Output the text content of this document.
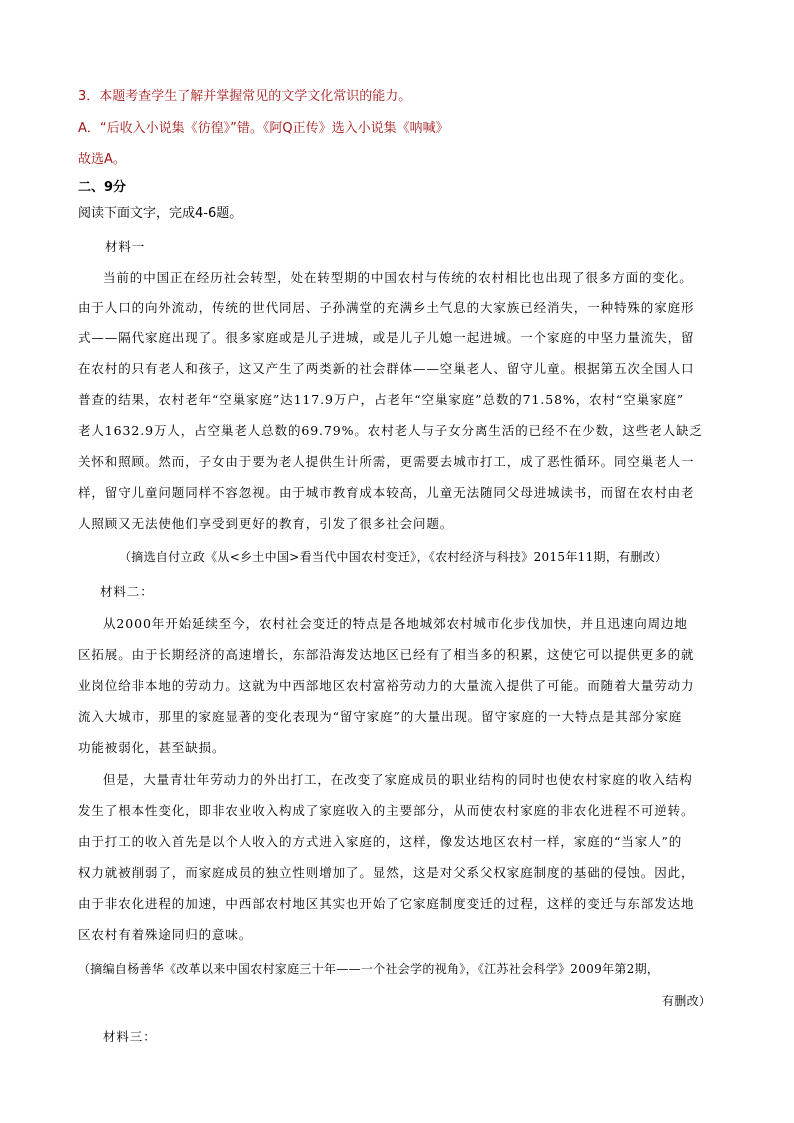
3．本题考查学生了解并掌握常见的文学文化常识的能力。
A．“后收入小说集《彷徨》”错。《阿Q正传》选入小说集《呐喊》
故选A。
二、9分
阅读下面文字，完成4-6题。
材料一
当前的中国正在经历社会转型，处在转型期的中国农村与传统的农村相比也出现了很多方面的变化。
由于人口的向外流动，传统的世代同居、子孙满堂的充满乡土气息的大家族已经消失，一种特殊的家庭形
式——隔代家庭出现了。很多家庭或是儿子进城，或是儿子儿媳一起进城。一个家庭的中坚力量流失，留
在农村的只有老人和孩子，这又产生了两类新的社会群体——空巢老人、留守儿童。根据第五次全国人口
普查的结果，农村老年“空巢家庭”达117.9万户，占老年“空巢家庭”总数的71.58%，农村“空巢家庭”
老人1632.9万人，占空巢老人总数的69.79%。农村老人与子女分离生活的已经不在少数，这些老人缺乏
关怀和照顾。然而，子女由于要为老人提供生计所需，更需要去城市打工，成了恶性循环。同空巢老人一
样，留守儿童问题同样不容忽视。由于城市教育成本较高，儿童无法随同父母进城读书，而留在农村由老
人照顾又无法使他们享受到更好的教育，引发了很多社会问题。
（摘选自付立政《从<乡土中国>看当代中国农村变迁》，《农村经济与科技》2015年11期，有删改）
材料二：
从2000年开始延续至今，农村社会变迁的特点是各地城郊农村城市化步伐加快，并且迅速向周边地
区拓展。由于长期经济的高速增长，东部沿海发达地区已经有了相当多的积累，这使它可以提供更多的就
业岗位给非本地的劳动力。这就为中西部地区农村富裕劳动力的大量流入提供了可能。而随着大量劳动力
流入大城市，那里的家庭显著的变化表现为“留守家庭”的大量出现。留守家庭的一大特点是其部分家庭
功能被弱化，甚至缺损。
但是，大量青壮年劳动力的外出打工，在改变了家庭成员的职业结构的同时也使农村家庭的收入结构
发生了根本性变化，即非农业收入构成了家庭收入的主要部分，从而使农村家庭的非农化进程不可逆转。
由于打工的收入首先是以个人收入的方式进入家庭的，这样，像发达地区农村一样，家庭的“当家人”的
权力就被削弱了，而家庭成员的独立性则增加了。显然，这是对父系父权家庭制度的基础的侵蚀。因此，
由于非农化进程的加速，中西部农村地区其实也开始了它家庭制度变迁的过程，这样的变迁与东部发达地
区农村有着殊途同归的意味。
（摘编自杨善华《改革以来中国农村家庭三十年——一个社会学的视角》，《江苏社会科学》2009年第2期，
有删改）
材料三：
